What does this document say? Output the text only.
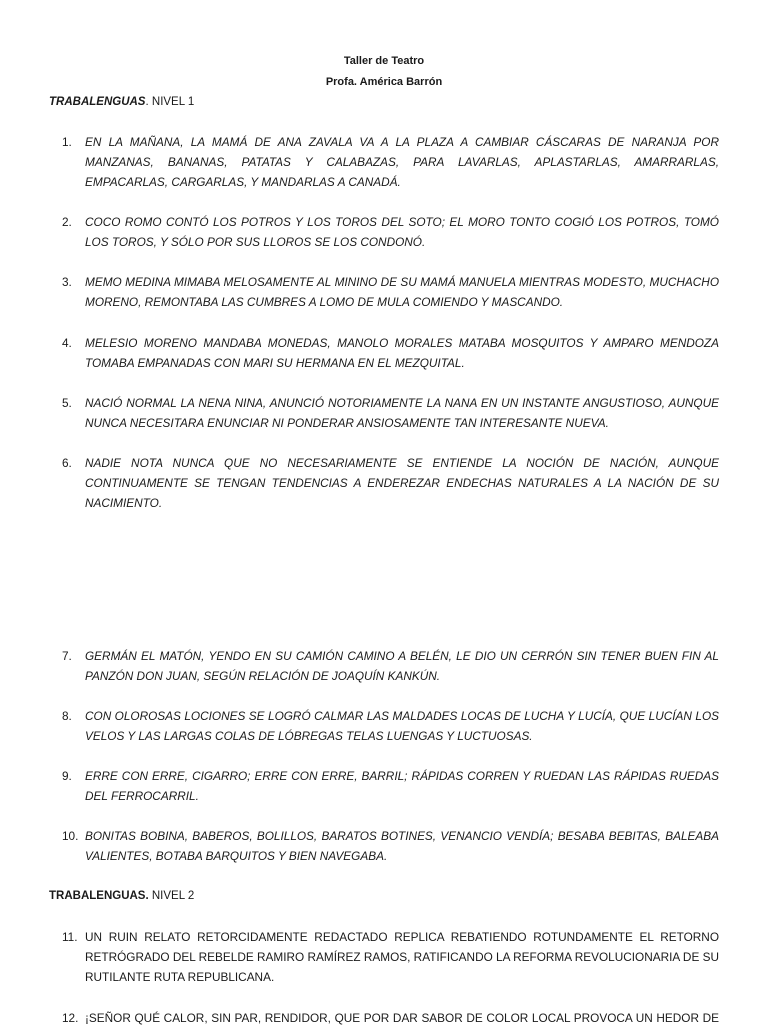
Taller de Teatro
Profa. América Barrón
TRABALENGUAS. NIVEL 1
1.	EN LA MAÑANA, LA MAMÁ DE ANA ZAVALA VA A LA PLAZA A CAMBIAR CÁSCARAS DE NARANJA POR MANZANAS, BANANAS, PATATAS Y CALABAZAS, PARA LAVARLAS, APLASTARLAS, AMARRARLAS, EMPACARLAS, CARGARLAS, Y MANDARLAS A CANADÁ.
2.	COCO ROMO CONTÓ LOS POTROS Y LOS TOROS DEL SOTO; EL MORO TONTO COGIÓ LOS POTROS, TOMÓ LOS TOROS, Y SÓLO POR SUS LLOROS SE LOS CONDONÓ.
3.	MEMO MEDINA MIMABA MELOSAMENTE AL MININO DE SU MAMÁ MANUELA MIENTRAS MODESTO, MUCHACHO MORENO, REMONTABA LAS CUMBRES A LOMO DE MULA COMIENDO Y MASCANDO.
4.	MELESIO MORENO MANDABA MONEDAS, MANOLO MORALES MATABA MOSQUITOS Y AMPARO MENDOZA TOMABA EMPANADAS CON MARI SU HERMANA EN EL MEZQUITAL.
5.	NACIÓ NORMAL LA NENA NINA, ANUNCIÓ NOTORIAMENTE LA NANA EN UN INSTANTE ANGUSTIOSO, AUNQUE NUNCA NECESITARA ENUNCIAR NI PONDERAR ANSIOSAMENTE TAN INTERESANTE NUEVA.
6.	NADIE NOTA NUNCA QUE NO NECESARIAMENTE SE ENTIENDE LA NOCIÓN DE NACIÓN, AUNQUE CONTINUAMENTE SE TENGAN TENDENCIAS A ENDEREZAR ENDECHAS NATURALES A LA NACIÓN DE SU NACIMIENTO.
7.	GERMÁN EL MATÓN, YENDO EN SU CAMIÓN CAMINO A BELÉN, LE DIO UN CERRÓN SIN TENER BUEN FIN AL PANZÓN DON JUAN, SEGÚN RELACIÓN DE JOAQUÍN KANKÚN.
8.	CON OLOROSAS LOCIONES SE LOGRÓ CALMAR LAS MALDADES LOCAS DE LUCHA Y LUCÍA, QUE LUCÍAN LOS VELOS Y LAS LARGAS COLAS DE LÓBREGAS TELAS LUENGAS Y LUCTUOSAS.
9.	ERRE CON ERRE, CIGARRO; ERRE CON ERRE, BARRIL; RÁPIDAS CORREN Y RUEDAN LAS RÁPIDAS RUEDAS DEL FERROCARRIL.
10. BONITAS BOBINA, BABEROS, BOLILLOS, BARATOS BOTINES, VENANCIO VENDÍA; BESABA BEBITAS, BALEABA VALIENTES, BOTABA BARQUITOS Y BIEN NAVEGABA.
TRABALENGUAS. NIVEL 2
11. UN RUIN RELATO RETORCIDAMENTE REDACTADO REPLICA REBATIENDO ROTUNDAMENTE EL RETORNO RETRÓGRADO DEL REBELDE RAMIRO RAMÍREZ RAMOS, RATIFICANDO LA REFORMA REVOLUCIONARIA DE SU RUTILANTE RUTA REPUBLICANA.
12. ¡SEÑOR QUÉ CALOR, SIN PAR, RENDIDOR, QUE POR DAR SABOR DE COLOR LOCAL PROVOCA UN HEDOR DE
